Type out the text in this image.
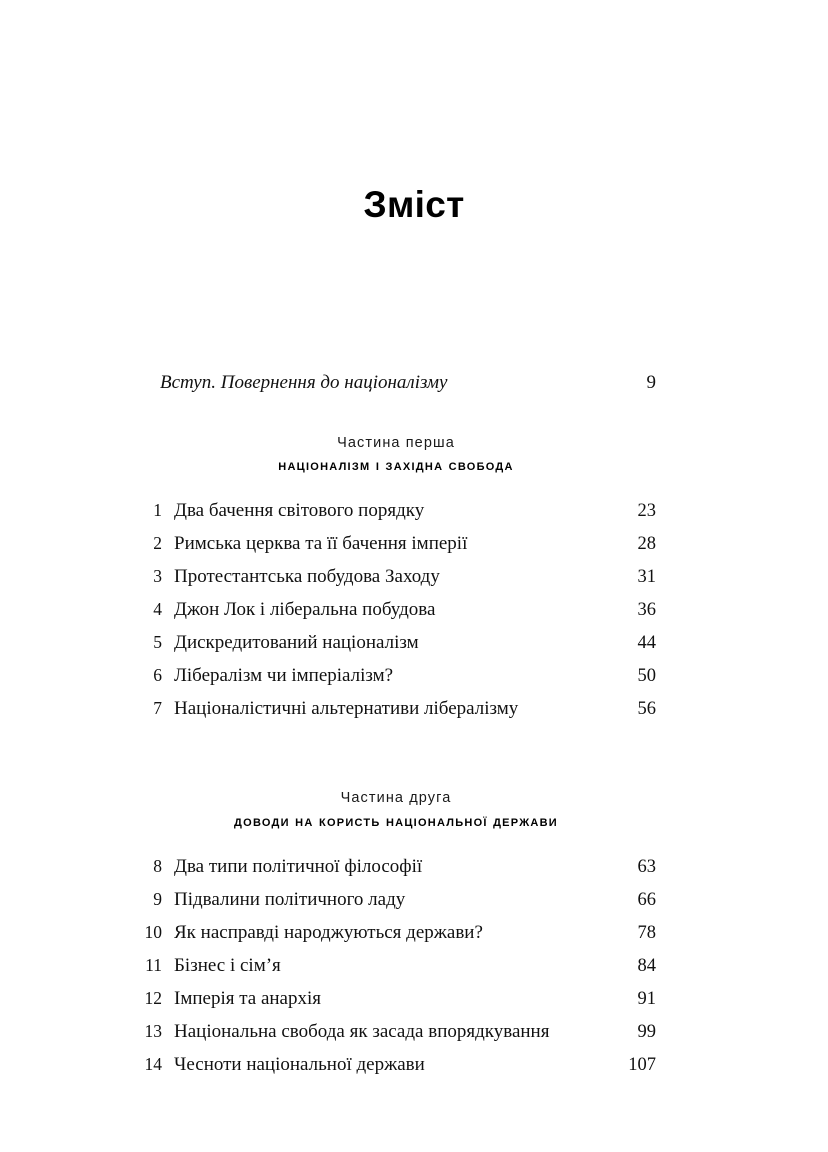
Зміст
Вступ. Повернення до націоналізму	9
Частина перша
націоналізм і західна свобода
1 Два бачення світового порядку	23
2 Римська церква та її бачення імперії	28
3 Протестантська побудова Заходу	31
4 Джон Лок і ліберальна побудова	36
5 Дискредитований націоналізм	44
6 Лібералізм чи імперіалізм?	50
7 Націоналістичні альтернативи лібералізму	56
Частина друга
доводи на користь національної держави
8 Два типи політичної філософії	63
9 Підвалини політичного ладу	66
10 Як насправді народжуються держави?	78
11 Бізнес і сім’я	84
12 Імперія та анархія	91
13 Національна свобода як засада впорядкування	99
14 Чесноти національної держави	107
